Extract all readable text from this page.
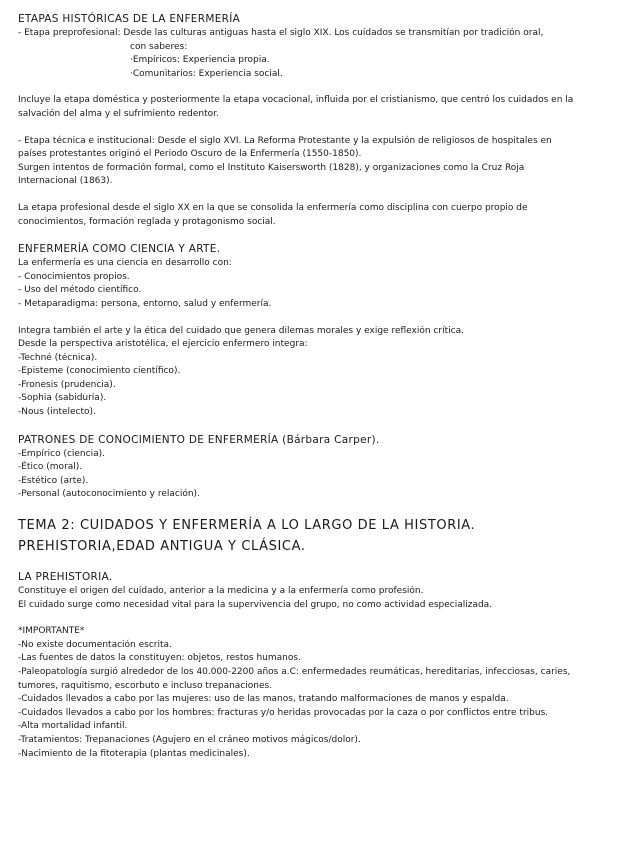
ETAPAS HISTÓRICAS DE LA ENFERMERÍA

- Etapa preprofesional: Desde las culturas antiguas hasta el siglo XIX. Los cuidados se transmitían por tradición oral,

con saberes:

·Empíricos: Experiencia propia.

·Comunitarios: Experiencia social.

Incluye la etapa doméstica y posteriormente la etapa vocacional, influida por el cristianismo, que centró los cuidados en la

salvación del alma y el sufrimiento redentor.

- Etapa técnica e institucional: Desde el siglo XVI. La Reforma Protestante y la expulsión de religiosos de hospitales en

países protestantes originó el Periodo Oscuro de la Enfermería (1550-1850).

Surgen intentos de formación formal, como el Instituto Kaisersworth (1828), y organizaciones como la Cruz Roja

Internacional (1863).

La etapa profesional desde el siglo XX en la que se consolida la enfermería como disciplina con cuerpo propio de

conocimientos, formación reglada y protagonismo social.

ENFERMERÍA COMO CIENCIA Y ARTE.

La enfermería es una ciencia en desarrollo con:

- Conocimientos propios.

- Uso del método científico.

- Metaparadigma: persona, entorno, salud y enfermería.

Integra también el arte y la ética del cuidado que genera dilemas morales y exige reflexión crítica.

Desde la perspectiva aristotélica, el ejercicio enfermero integra:

-Techné (técnica).

-Episteme (conocimiento científico).

-Fronesis (prudencia).

-Sophia (sabiduría).

-Nous (intelecto).

PATRONES DE CONOCIMIENTO DE ENFERMERÍA (Bárbara Carper).

-Empírico (ciencia).

-Ético (moral).

-Estético (arte).

-Personal (autoconocimiento y relación).

TEMA 2: CUIDADOS Y ENFERMERÍA A LO LARGO DE LA HISTORIA.

PREHISTORIA,EDAD ANTIGUA Y CLÁSICA.

LA PREHISTORIA.

Constituye el origen del cuidado, anterior a la medicina y a la enfermería como profesión.

El cuidado surge como necesidad vital para la supervivencia del grupo, no como actividad especializada.

*IMPORTANTE*

-No existe documentación escrita.

-Las fuentes de datos la constituyen: objetos, restos humanos.

-Paleopatología surgió alrededor de los 40.000-2200 años a.C: enfermedades reumáticas, hereditarias, infecciosas, caries,

tumores, raquitismo, escorbuto e incluso trepanaciones.

-Cuidados llevados a cabo por las mujeres: uso de las manos, tratando malformaciones de manos y espalda.

-Cuidados llevados a cabo por los hombres: fracturas y/o heridas provocadas por la caza o por conflictos entre tribus.

-Alta mortalidad infantil.

-Tratamientos: Trepanaciones (Agujero en el cráneo motivos mágicos/dolor).

-Nacimiento de la fitoterapia (plantas medicinales).
